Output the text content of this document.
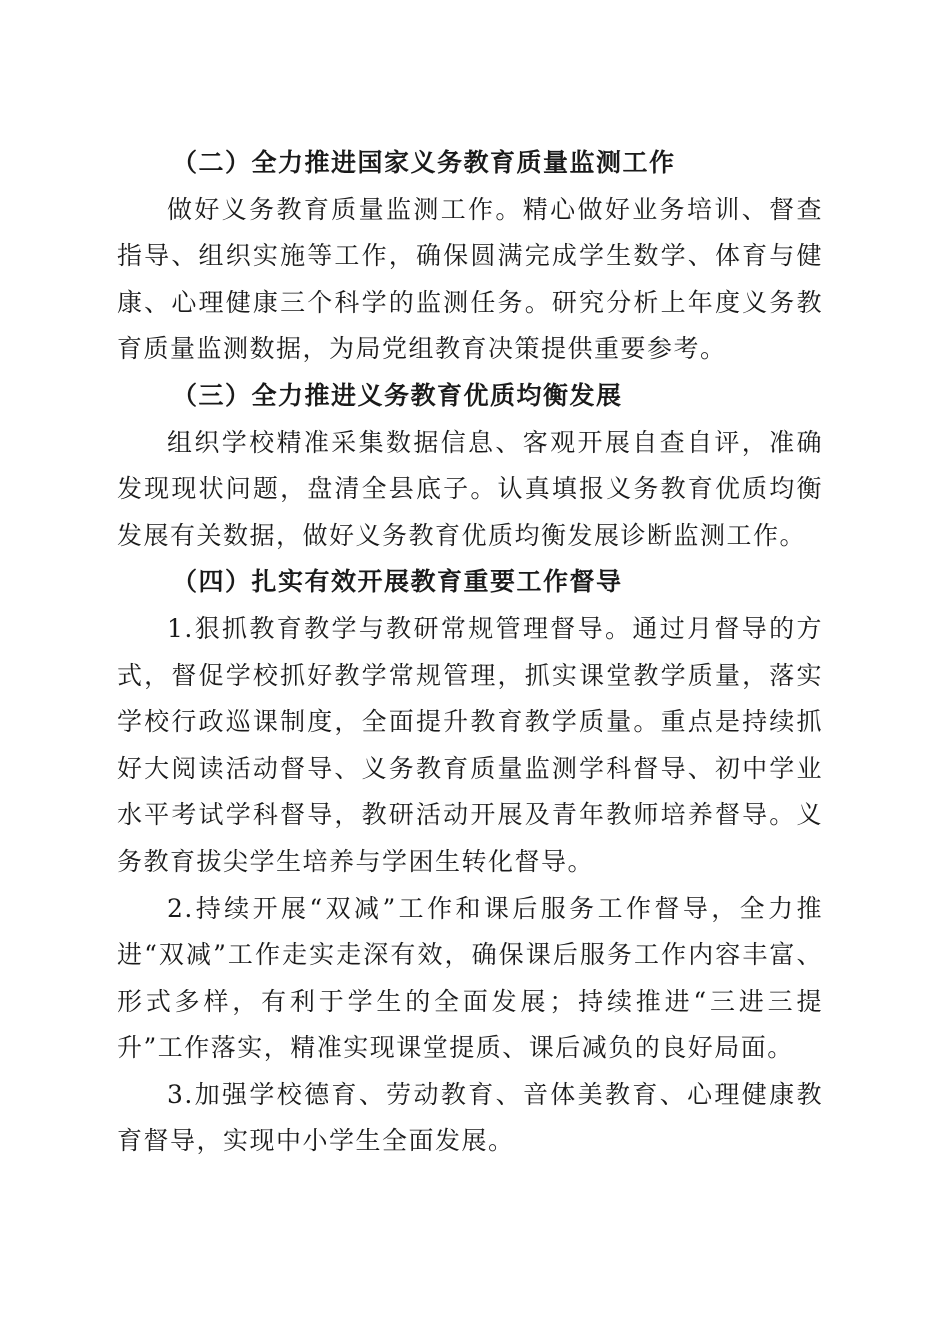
（二）全力推进国家义务教育质量监测工作

做好义务教育质量监测工作。精心做好业务培训、督查指导、组织实施等工作，确保圆满完成学生数学、体育与健康、心理健康三个科学的监测任务。研究分析上年度义务教育质量监测数据，为局党组教育决策提供重要参考。

（三）全力推进义务教育优质均衡发展

组织学校精准采集数据信息、客观开展自查自评，准确发现现状问题，盘清全县底子。认真填报义务教育优质均衡发展有关数据，做好义务教育优质均衡发展诊断监测工作。

（四）扎实有效开展教育重要工作督导

1.狠抓教育教学与教研常规管理督导。通过月督导的方式，督促学校抓好教学常规管理，抓实课堂教学质量，落实学校行政巡课制度，全面提升教育教学质量。重点是持续抓好大阅读活动督导、义务教育质量监测学科督导、初中学业水平考试学科督导，教研活动开展及青年教师培养督导。义务教育拔尖学生培养与学困生转化督导。

2.持续开展“双减”工作和课后服务工作督导，全力推进“双减”工作走实走深有效，确保课后服务工作内容丰富、形式多样，有利于学生的全面发展；持续推进“三进三提升”工作落实，精准实现课堂提质、课后减负的良好局面。

3.加强学校德育、劳动教育、音体美教育、心理健康教育督导，实现中小学生全面发展。
